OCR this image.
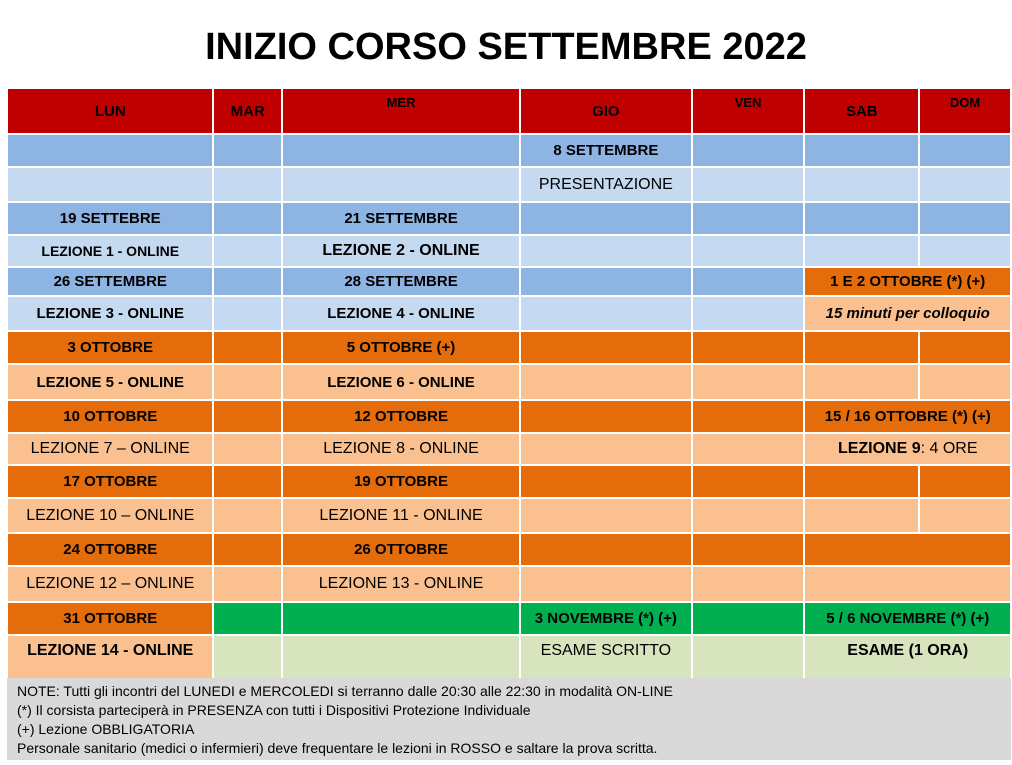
INIZIO CORSO SETTEMBRE 2022
LUN	MAR	MER	GIO	VEN	SAB	DOM
			8 SETTEMBRE			
			PRESENTAZIONE			
19 SETTEBRE		21 SETTEMBRE				
LEZIONE 1 - ONLINE		LEZIONE 2 - ONLINE				
26 SETTEMBRE		28 SETTEMBRE			1 E 2 OTTOBRE (*) (+)	
LEZIONE 3 - ONLINE		LEZIONE 4 - ONLINE			15 minuti per colloquio	
3 OTTOBRE		5 OTTOBRE (+)				
LEZIONE 5 - ONLINE		LEZIONE 6 - ONLINE				
10 OTTOBRE		12 OTTOBRE			15 / 16 OTTOBRE (*) (+)	
LEZIONE 7 – ONLINE		LEZIONE 8 - ONLINE			LEZIONE 9: 4 ORE	
17 OTTOBRE		19 OTTOBRE				
LEZIONE 10 – ONLINE		LEZIONE 11 - ONLINE				
24 OTTOBRE		26 OTTOBRE				
LEZIONE 12 – ONLINE		LEZIONE 13 - ONLINE				
31 OTTOBRE			3 NOVEMBRE (*) (+)		5 / 6 NOVEMBRE (*) (+)	
LEZIONE 14 - ONLINE			ESAME SCRITTO		ESAME (1 ORA)	
NOTE: Tutti gli incontri del LUNEDI e MERCOLEDI si terranno dalle 20:30 alle 22:30 in modalità ON-LINE
(*) Il corsista parteciperà in PRESENZA con tutti i Dispositivi Protezione Individuale
(+) Lezione OBBLIGATORIA
Personale sanitario (medici o infermieri) deve frequentare le lezioni in ROSSO e saltare la prova scritta.
